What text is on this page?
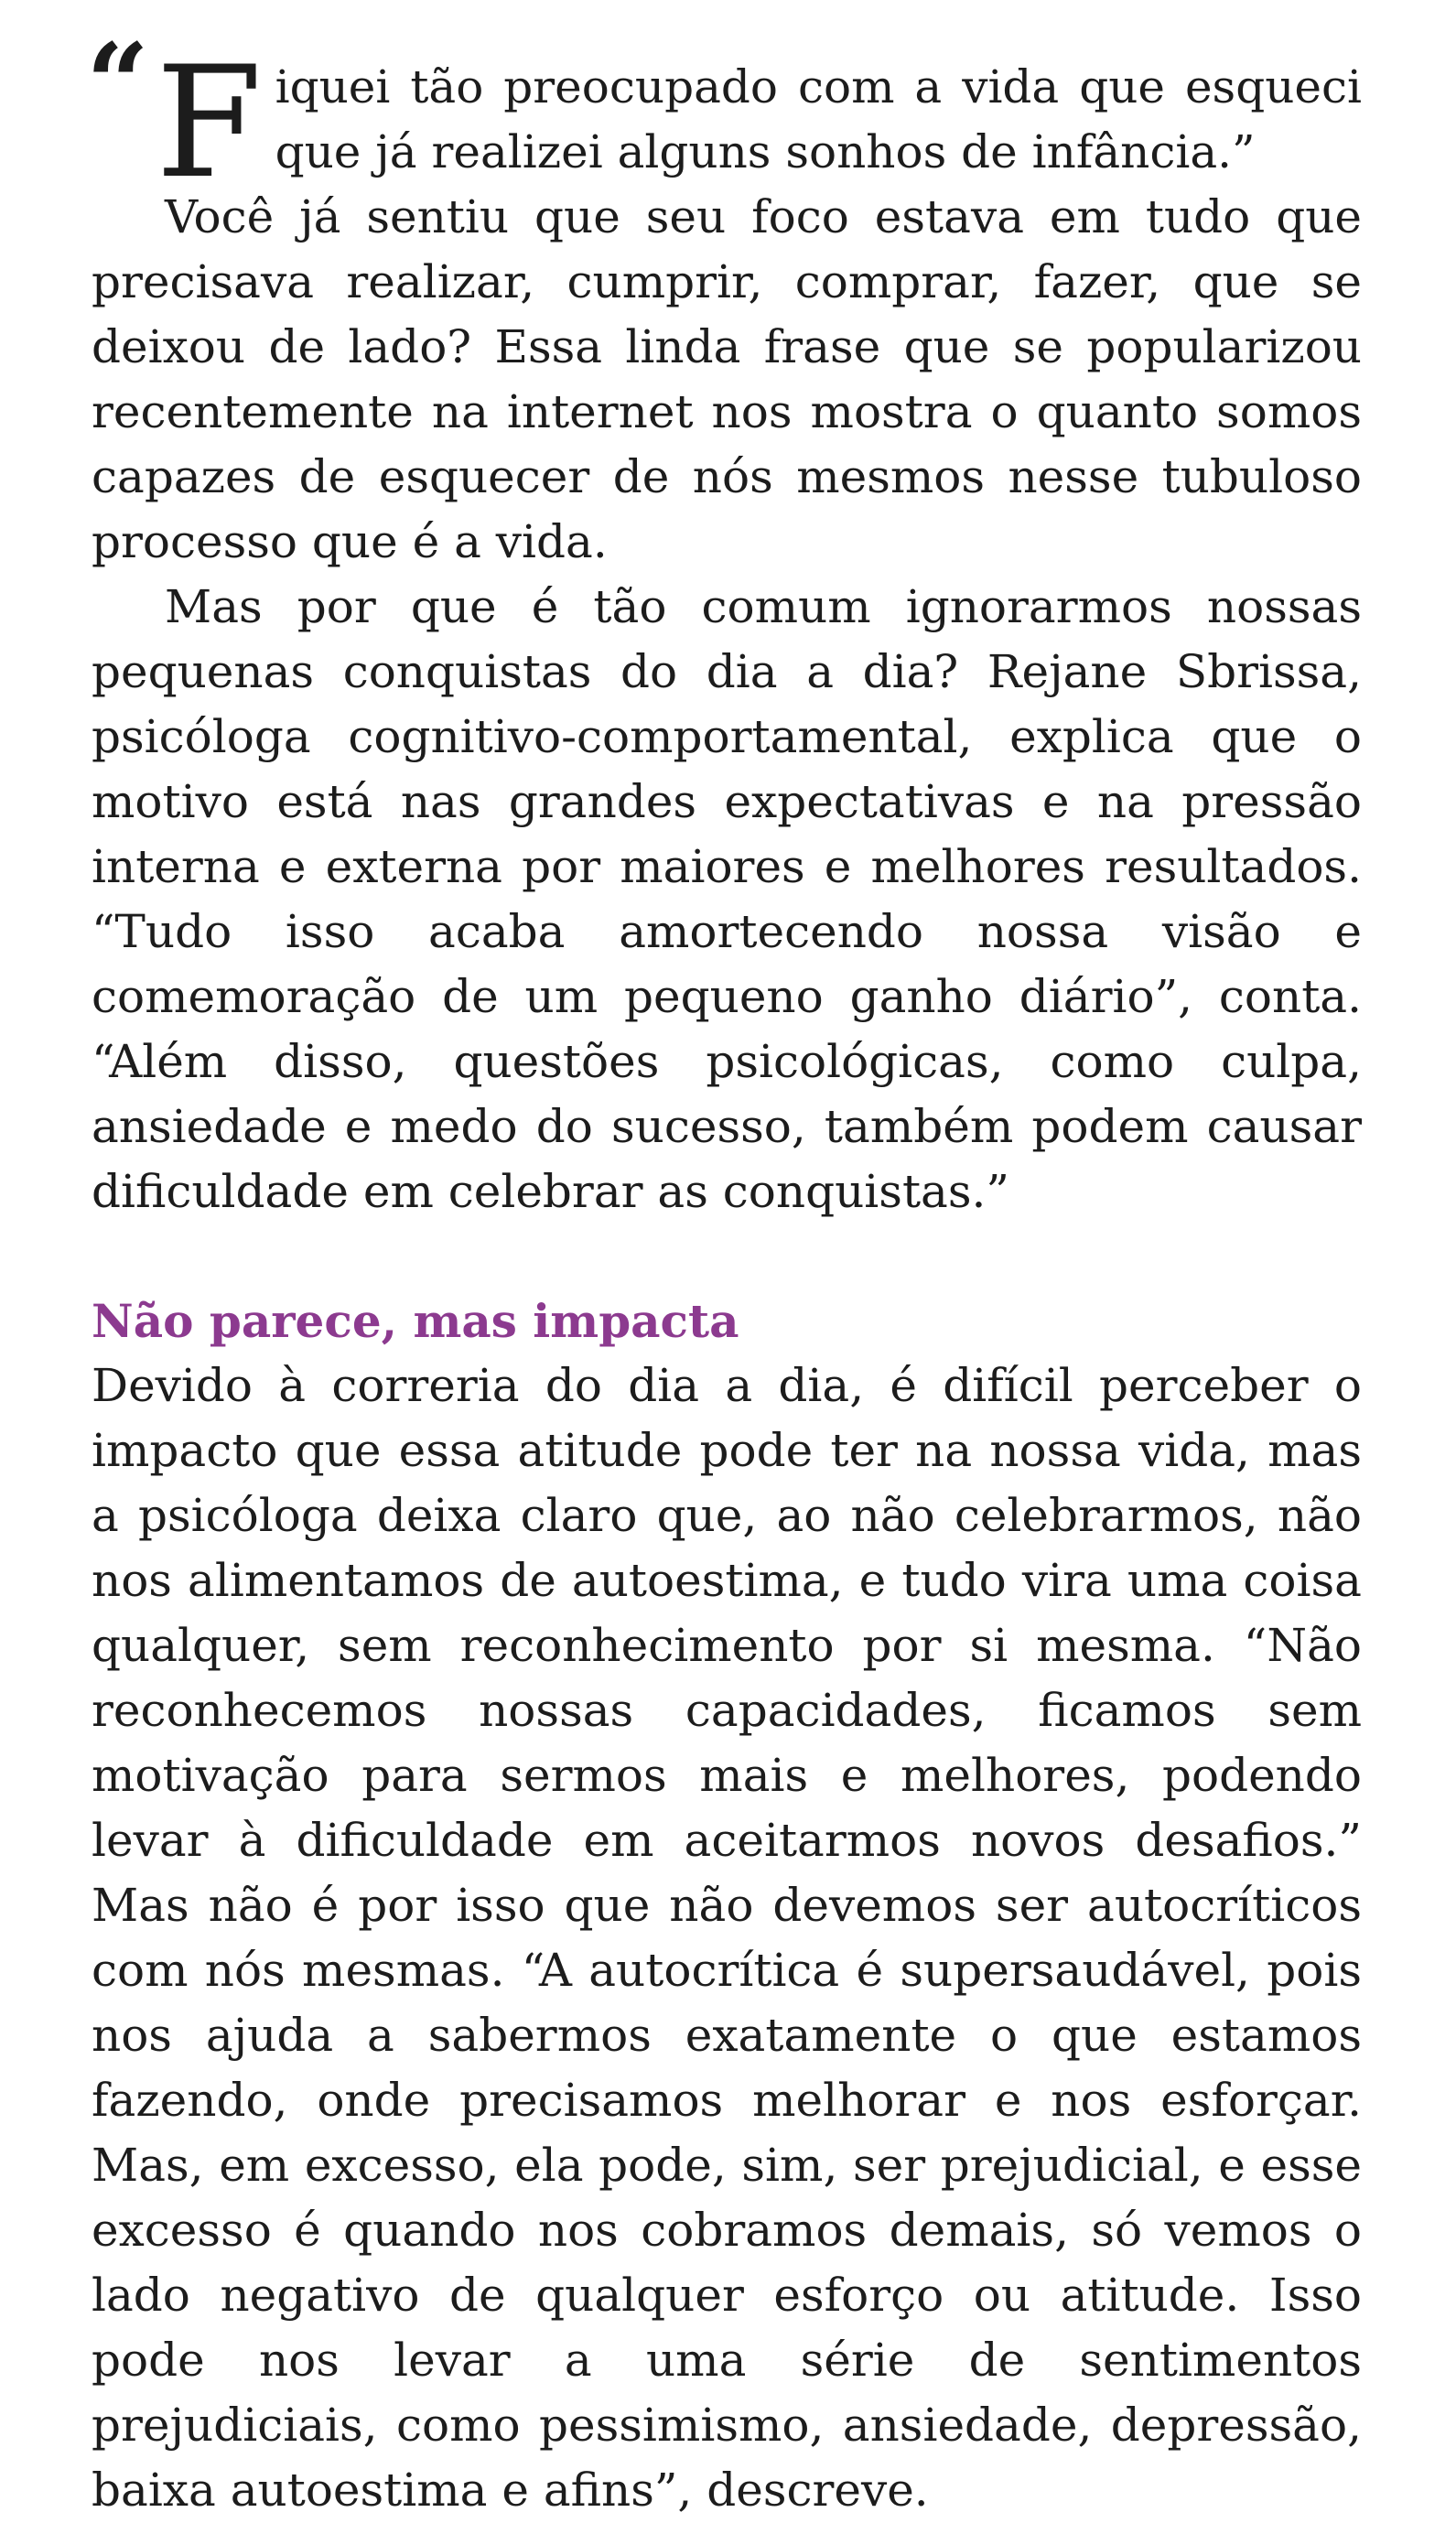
“ F iquei tão preocupado com a vida que esqueci que já realizei alguns sonhos de infância.”

Você já sentiu que seu foco estava em tudo que precisava realizar, cumprir, comprar, fazer, que se deixou de lado? Essa linda frase que se popularizou recentemente na internet nos mostra o quanto somos capazes de esquecer de nós mesmos nesse tubuloso processo que é a vida.

Mas por que é tão comum ignorarmos nossas pequenas conquistas do dia a dia? Rejane Sbrissa, psicóloga cognitivo-comportamental, explica que o motivo está nas grandes expectativas e na pressão interna e externa por maiores e melhores resultados. “Tudo isso acaba amortecendo nossa visão e comemoração de um pequeno ganho diário”, conta. “Além disso, questões psicológicas, como culpa, ansiedade e medo do sucesso, também podem causar dificuldade em celebrar as conquistas.”

Não parece, mas impacta

Devido à correria do dia a dia, é difícil perceber o impacto que essa atitude pode ter na nossa vida, mas a psicóloga deixa claro que, ao não celebrarmos, não nos alimentamos de autoestima, e tudo vira uma coisa qualquer, sem reconhecimento por si mesma. “Não reconhecemos nossas capacidades, ficamos sem motivação para sermos mais e melhores, podendo levar à dificuldade em aceitarmos novos desafios.” Mas não é por isso que não devemos ser autocríticos com nós mesmas. “A autocrítica é supersaudável, pois nos ajuda a sabermos exatamente o que estamos fazendo, onde precisamos melhorar e nos esforçar. Mas, em excesso, ela pode, sim, ser prejudicial, e esse excesso é quando nos cobramos demais, só vemos o lado negativo de qualquer esforço ou atitude. Isso pode nos levar a uma série de sentimentos prejudiciais, como pessimismo, ansiedade, depressão, baixa autoestima e afins”, descreve.
